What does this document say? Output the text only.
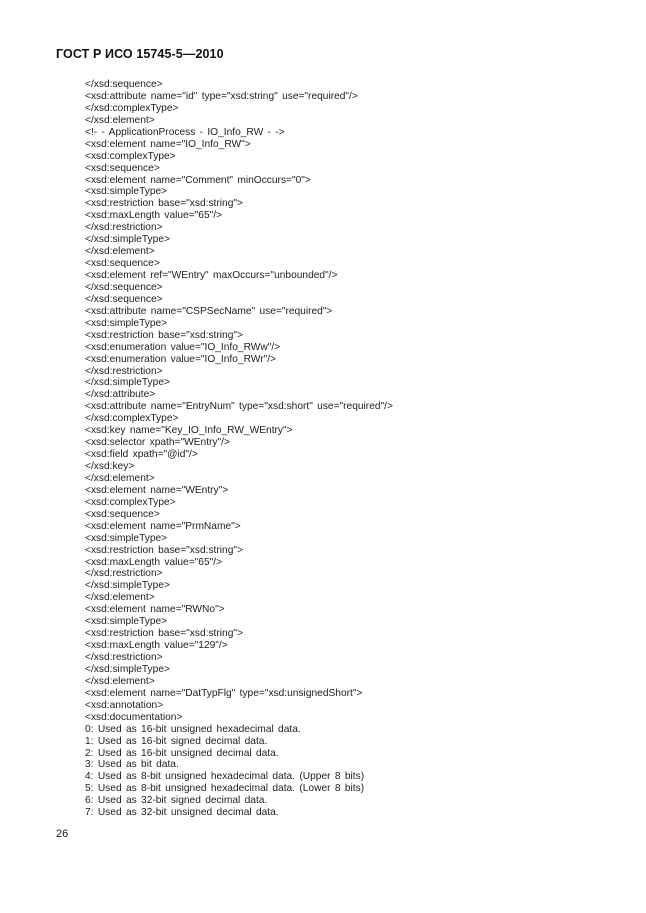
ГОСТ Р ИСО 15745-5—2010
</xsd:sequence>
<xsd:attribute name="id" type="xsd:string" use="required"/>
</xsd:complexType>
</xsd:element>
<!- - ApplicationProcess - IO_Info_RW - ->
<xsd:element name="IO_Info_RW">
<xsd:complexType>
<xsd:sequence>
<xsd:element name="Comment" minOccurs="0">
<xsd:simpleType>
<xsd:restriction base="xsd:string">
<xsd:maxLength value="65"/>
</xsd:restriction>
</xsd:simpleType>
</xsd:element>
<xsd:sequence>
<xsd:element ref="WEntry" maxOccurs="unbounded"/>
</xsd:sequence>
</xsd:sequence>
<xsd:attribute name="CSPSecName" use="required">
<xsd:simpleType>
<xsd:restriction base="xsd:string">
<xsd:enumeration value="IO_Info_RWw"/>
<xsd:enumeration value="IO_Info_RWr"/>
</xsd:restriction>
</xsd:simpleType>
</xsd:attribute>
<xsd:attribute name="EntryNum" type="xsd:short" use="required"/>
</xsd:complexType>
<xsd:key name="Key_IO_Info_RW_WEntry">
<xsd:selector xpath="WEntry"/>
<xsd:field xpath="@id"/>
</xsd:key>
</xsd:element>
<xsd:element name="WEntry">
<xsd:complexType>
<xsd:sequence>
<xsd:element name="PrmName">
<xsd:simpleType>
<xsd:restriction base="xsd:string">
<xsd:maxLength value="65"/>
</xsd:restriction>
</xsd:simpleType>
</xsd:element>
<xsd:element name="RWNo">
<xsd:simpleType>
<xsd:restriction base="xsd:string">
<xsd:maxLength value="129"/>
</xsd:restriction>
</xsd:simpleType>
</xsd:element>
<xsd:element name="DatTypFlg" type="xsd:unsignedShort">
<xsd:annotation>
<xsd:documentation>
0: Used as 16-bit unsigned hexadecimal data.
1: Used as 16-bit signed decimal data.
2: Used as 16-bit unsigned decimal data.
3: Used as bit data.
4: Used as 8-bit unsigned hexadecimal data. (Upper 8 bits)
5: Used as 8-bit unsigned hexadecimal data. (Lower 8 bits)
6: Used as 32-bit signed decimal data.
7: Used as 32-bit unsigned decimal data.
26
